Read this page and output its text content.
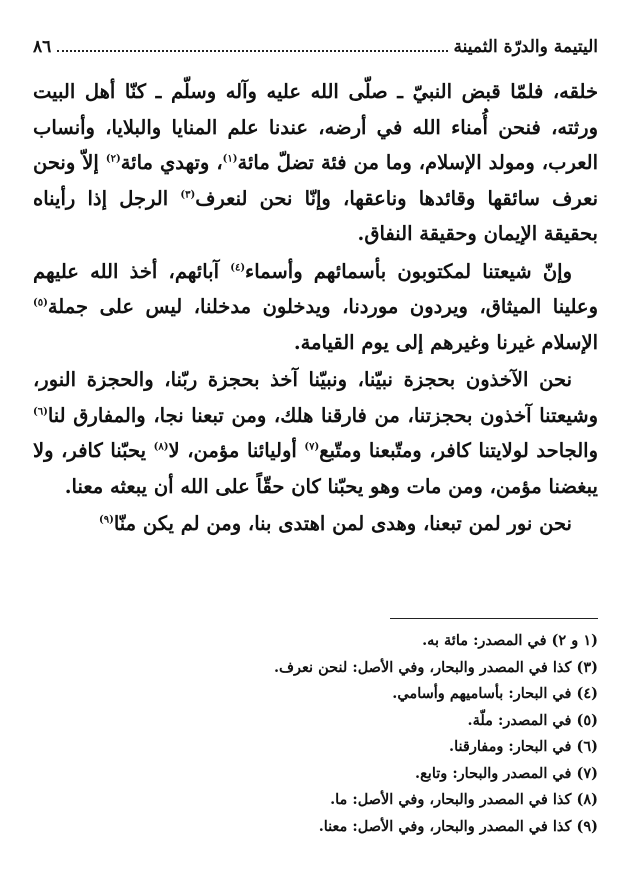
اليتيمة والدرّة الثمينة
٨٦

خلقه، فلمّا قبض النبيّ ـ صلّى الله عليه وآله وسلّم ـ كنّا أهل البيت ورثته، فنحن أُمناء الله في أرضه، عندنا علم المنايا والبلايا، وأنساب العرب، ومولد الإسلام، وما من فئة تضلّ مائة$^{(١)}$، وتهدي مائة$^{(٢)}$ إلاّ ونحن نعرف سائقها وقائدها وناعقها، وإنّا نحن لنعرف$^{(٣)}$ الرجل إذا رأيناه بحقيقة الإيمان وحقيقة النفاق.

وإنّ شيعتنا لمكتوبون بأسمائهم وأسماء$^{(٤)}$ آبائهم، أخذ الله عليهم وعلينا الميثاق، ويردون موردنا، ويدخلون مدخلنا، ليس على جملة$^{(٥)}$ الإسلام غيرنا وغيرهم إلى يوم القيامة.

نحن الآخذون بحجزة نبيّنا، ونبيّنا آخذ بحجزة ربّنا، والحجزة النور، وشيعتنا آخذون بحجزتنا، من فارقنا هلك، ومن تبعنا نجا، والمفارق لنا$^{(٦)}$ والجاحد لولايتنا كافر، ومتّبعنا ومتّبع$^{(٧)}$ أوليائنا مؤمن، لا$^{(٨)}$ يحبّنا كافر، ولا يبغضنا مؤمن، ومن مات وهو يحبّنا كان حقّاً على الله أن يبعثه معنا.

نحن نور لمن تبعنا، وهدى لمن اهتدى بنا، ومن لم يكن منّا$^{(٩)}$

(١ و ٢) في المصدر: مائة به.

(٣) كذا في المصدر والبحار، وفي الأصل: لنحن نعرف.

(٤) في البحار: بأساميهم وأسامي.

(٥) في المصدر: ملّة.

(٦) في البحار: ومفارقنا.

(٧) في المصدر والبحار: وتابع.

(٨) كذا في المصدر والبحار، وفي الأصل: ما.

(٩) كذا في المصدر والبحار، وفي الأصل: معنا.
